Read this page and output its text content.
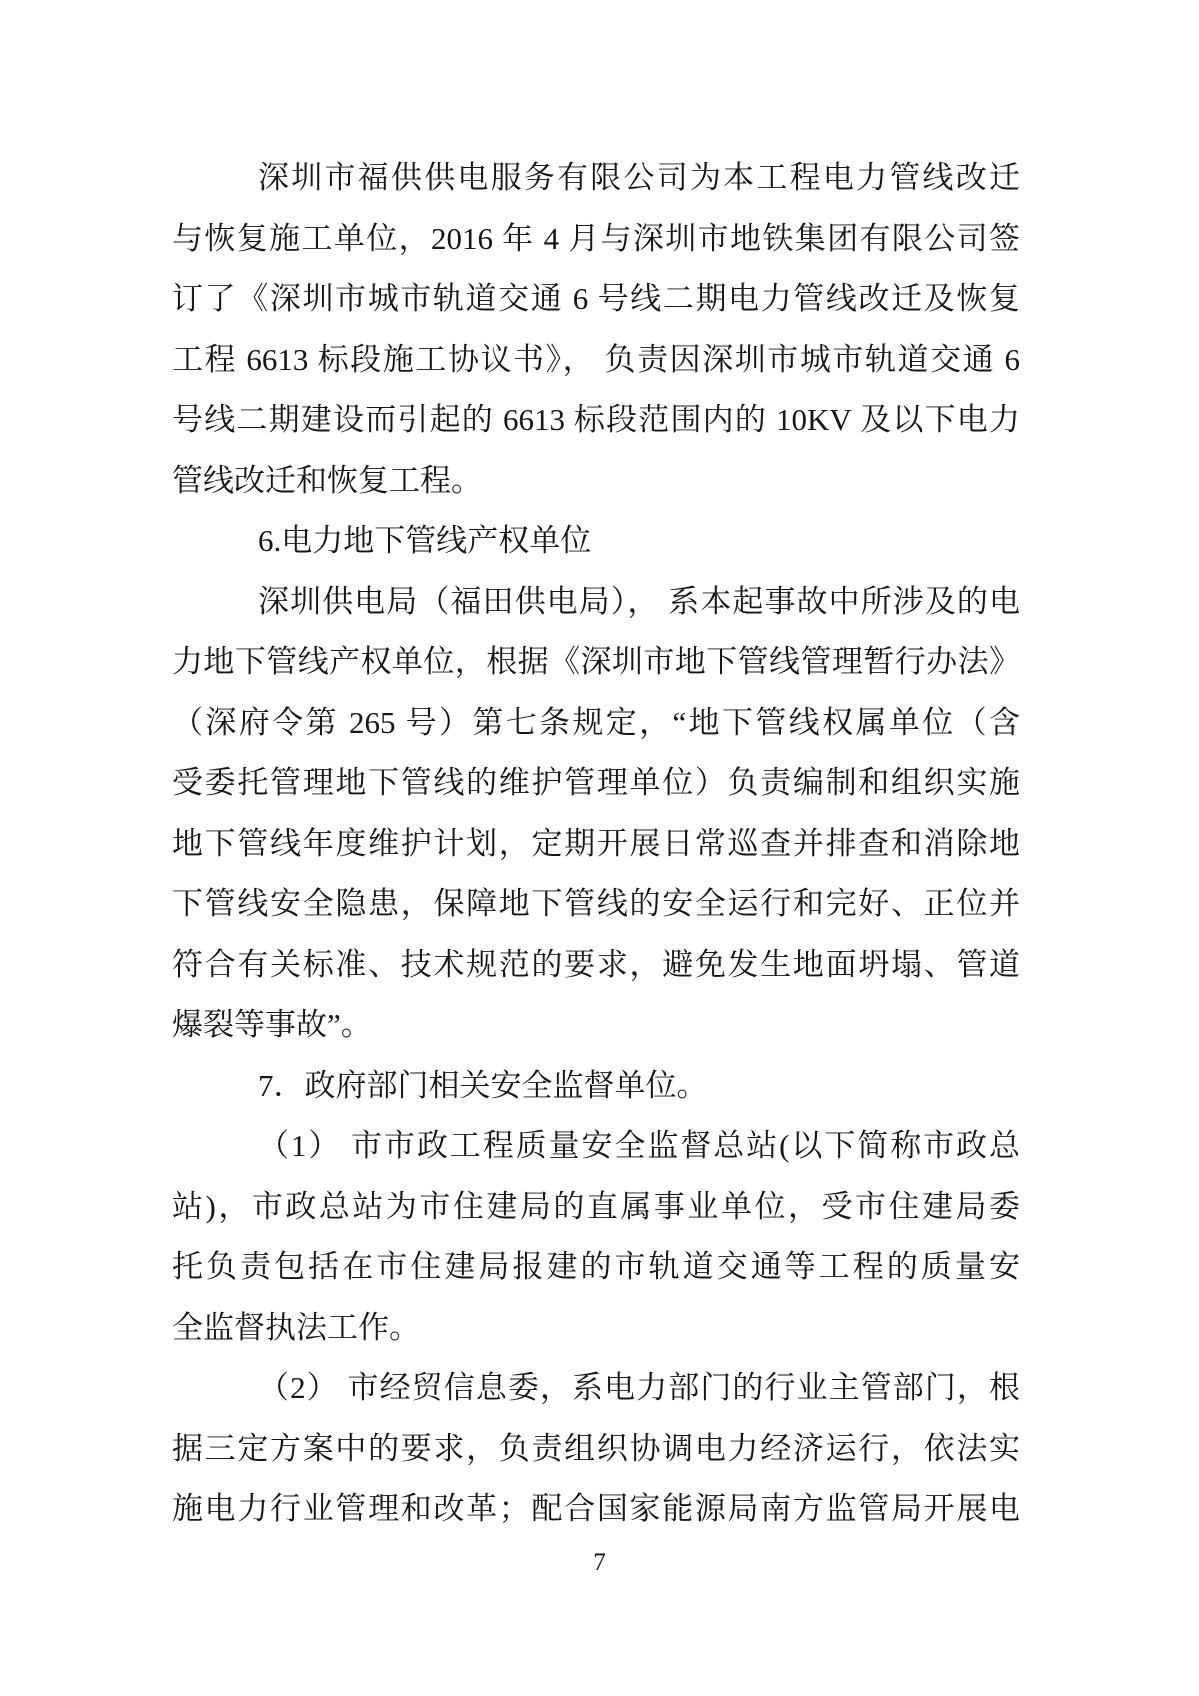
深圳市福供供电服务有限公司为本工程电力管线改迁
与恢复施工单位，2016 年 4 月与深圳市地铁集团有限公司签
订了《深圳市城市轨道交通 6 号线二期电力管线改迁及恢复
工程 6613 标段施工协议书》， 负责因深圳市城市轨道交通 6
号线二期建设而引起的 6613 标段范围内的 10KV 及以下电力
管线改迁和恢复工程。
6.电力地下管线产权单位
深圳供电局（福田供电局）， 系本起事故中所涉及的电
力地下管线产权单位，根据《深圳市地下管线管理暂行办法》
（深府令第 265 号）第七条规定，“地下管线权属单位（含
受委托管理地下管线的维护管理单位）负责编制和组织实施
地下管线年度维护计划，定期开展日常巡查并排查和消除地
下管线安全隐患，保障地下管线的安全运行和完好、正位并
符合有关标准、技术规范的要求，避免发生地面坍塌、管道
爆裂等事故”。
7．政府部门相关安全监督单位。
（1） 市市政工程质量安全监督总站(以下简称市政总
站)，市政总站为市住建局的直属事业单位，受市住建局委
托负责包括在市住建局报建的市轨道交通等工程的质量安
全监督执法工作。
（2） 市经贸信息委，系电力部门的行业主管部门，根
据三定方案中的要求，负责组织协调电力经济运行，依法实
施电力行业管理和改革；配合国家能源局南方监管局开展电
7
